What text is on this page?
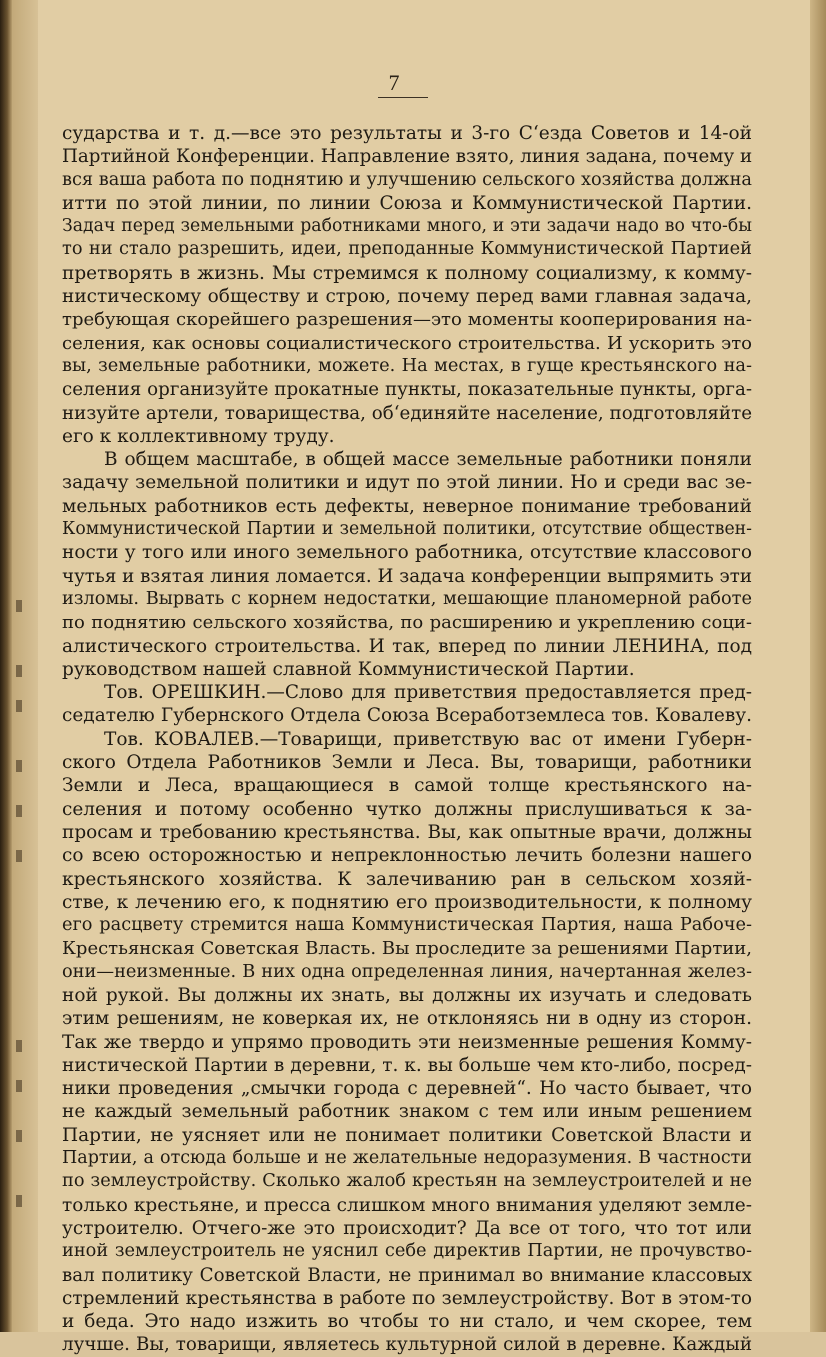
7
сударства и т. д.—все это результаты и 3-го С‘езда Советов и 14-ой
Партийной Конференции. Направление взято, линия задана, почему и
вся ваша работа по поднятию и улучшению сельского хозяйства должна
итти по этой линии, по линии Союза и Коммунистической Партии.
Задач перед земельными работниками много, и эти задачи надо во что-бы
то ни стало разрешить, идеи, преподанные Коммунистической Партией
претворять в жизнь. Мы стремимся к полному социализму, к комму-
нистическому обществу и строю, почему перед вами главная задача,
требующая скорейшего разрешения—это моменты кооперирования на-
селения, как основы социалистического строительства. И ускорить это
вы, земельные работники, можете. На местах, в гуще крестьянского на-
селения организуйте прокатные пункты, показательные пункты, орга-
низуйте артели, товарищества, об‘единяйте население, подготовляйте
его к коллективному труду.
В общем масштабе, в общей массе земельные работники поняли
задачу земельной политики и идут по этой линии. Но и среди вас зе-
мельных работников есть дефекты, неверное понимание требований
Коммунистической Партии и земельной политики, отсутствие обществен-
ности у того или иного земельного работника, отсутствие классового
чутья и взятая линия ломается. И задача конференции выпрямить эти
изломы. Вырвать с корнем недостатки, мешающие планомерной работе
по поднятию сельского хозяйства, по расширению и укреплению соци-
алистического строительства. И так, вперед по линии ЛЕНИНА, под
руководством нашей славной Коммунистической Партии.
Тов. ОРЕШКИН.—Слово для приветствия предоставляется пред-
седателю Губернского Отдела Союза Всеработземлеса тов. Ковалеву.
Тов. КОВАЛЕВ.—Товарищи, приветствую вас от имени Губерн-
ского Отдела Работников Земли и Леса. Вы, товарищи, работники
Земли и Леса, вращающиеся в самой толще крестьянского на-
селения и потому особенно чутко должны прислушиваться к за-
просам и требованию крестьянства. Вы, как опытные врачи, должны
со всею осторожностью и непреклонностью лечить болезни нашего
крестьянского хозяйства. К залечиванию ран в сельском хозяй-
стве, к лечению его, к поднятию его производительности, к полному
его расцвету стремится наша Коммунистическая Партия, наша Рабоче-
Крестьянская Советская Власть. Вы проследите за решениями Партии,
они—неизменные. В них одна определенная линия, начертанная желез-
ной рукой. Вы должны их знать, вы должны их изучать и следовать
этим решениям, не коверкая их, не отклоняясь ни в одну из сторон.
Так же твердо и упрямо проводить эти неизменные решения Комму-
нистической Партии в деревни, т. к. вы больше чем кто-либо, посред-
ники проведения „смычки города с деревней“. Но часто бывает, что
не каждый земельный работник знаком с тем или иным решением
Партии, не уясняет или не понимает политики Советской Власти и
Партии, а отсюда больше и не желательные недоразумения. В частности
по землеустройству. Сколько жалоб крестьян на землеустроителей и не
только крестьяне, и пресса слишком много внимания уделяют земле-
устроителю. Отчего-же это происходит? Да все от того, что тот или
иной землеустроитель не уяснил себе директив Партии, не прочувство-
вал политику Советской Власти, не принимал во внимание классовых
стремлений крестьянства в работе по землеустройству. Вот в этом-то
и беда. Это надо изжить во чтобы то ни стало, и чем скорее, тем
лучше. Вы, товарищи, являетесь культурной силой в деревне. Каждый
